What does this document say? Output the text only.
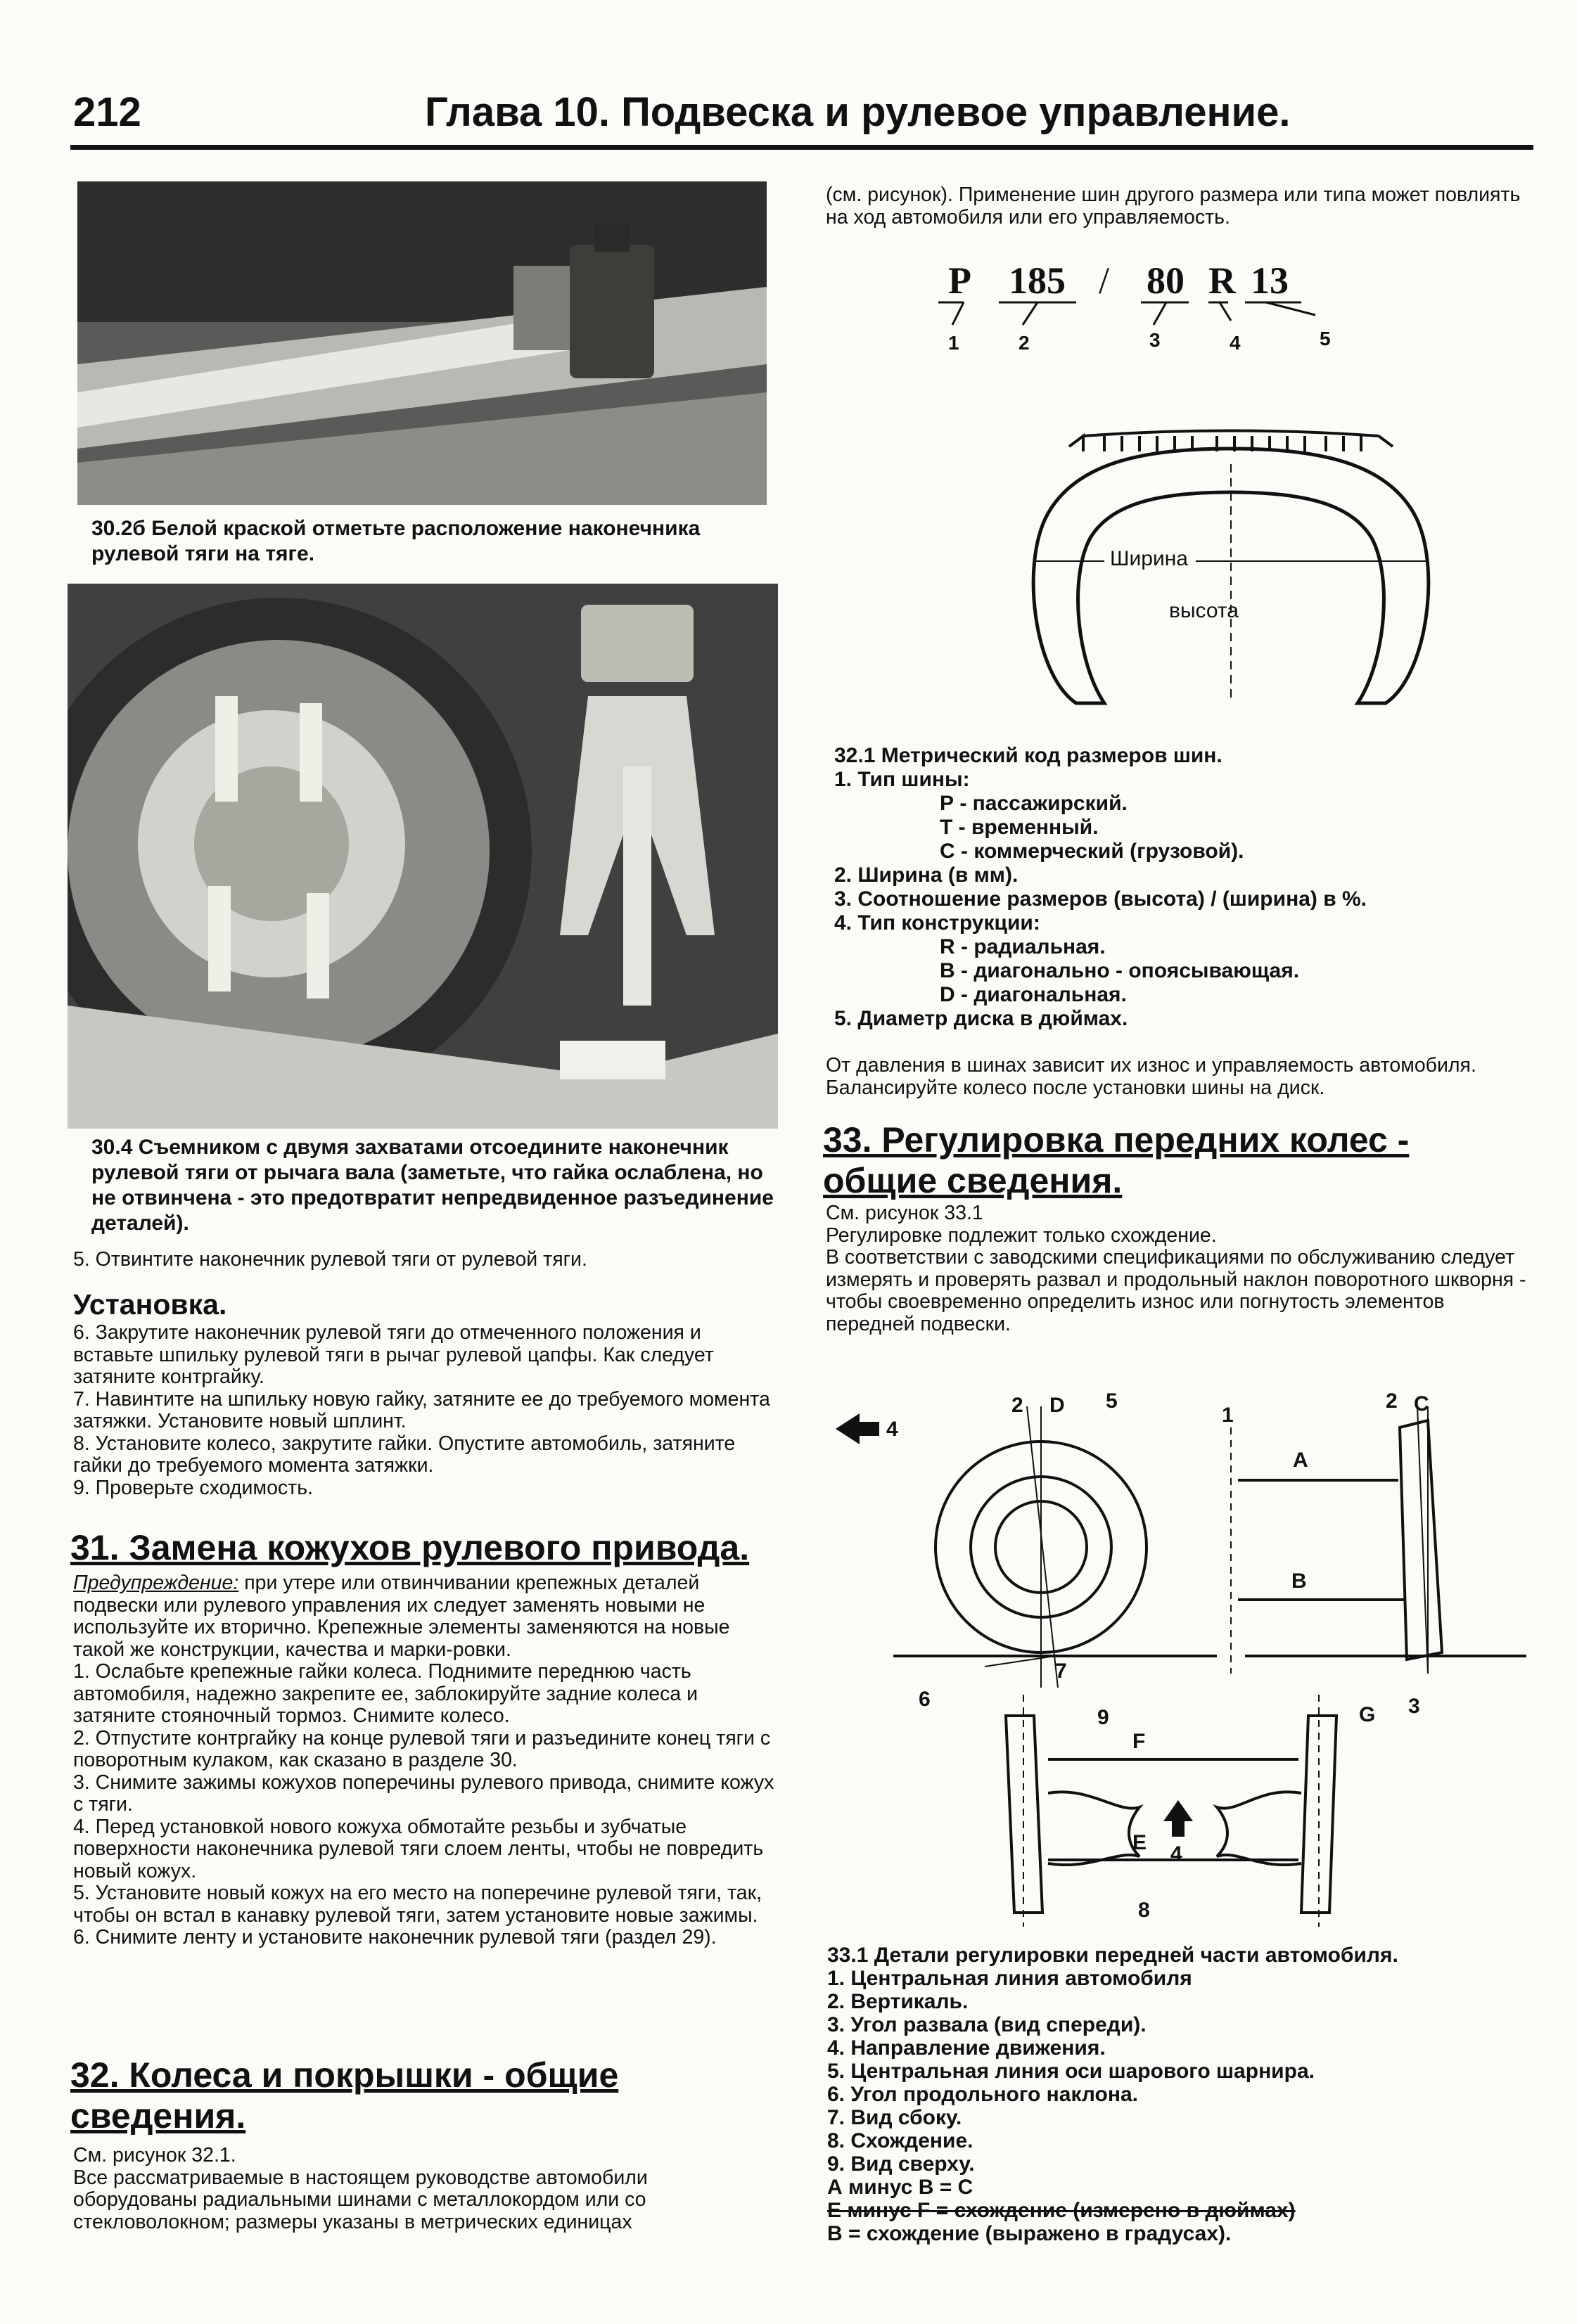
212	Глава 10. Подвеска и рулевое управление.
30.2б Белой краской отметьте расположение наконечника рулевой тяги на тяге.
30.4 Съемником с двумя захватами отсоедините наконечник рулевой тяги от рычага вала (заметьте, что гайка ослаблена, но не отвинчена - это предотвратит непредвиденное разъединение деталей).
5. Отвинтите наконечник рулевой тяги от рулевой тяги.
Установка.

6. Закрутите наконечник рулевой тяги до отмеченного положения и вставьте шпильку рулевой тяги в рычаг рулевой цапфы. Как следует затяните контргайку.

7. Навинтите на шпильку новую гайку, затяните ее до требуемого момента затяжки. Установите новый шплинт.

8. Установите колесо, закрутите гайки. Опустите автомобиль, затяните гайки до требуемого момента затяжки.

9. Проверьте сходимость.

31. Замена кожухов рулевого привода.

Предупреждение: при утере или отвинчивании крепежных деталей подвески или рулевого управления их следует заменять новыми не используйте их вторично. Крепежные элементы заменяются на новые такой же конструкции, качества и марки-ровки.

1. Ослабьте крепежные гайки колеса. Поднимите переднюю часть автомобиля, надежно закрепите ее, заблокируйте задние колеса и затяните стояночный тормоз. Снимите колесо.

2. Отпустите контргайку на конце рулевой тяги и разъедините конец тяги с поворотным кулаком, как сказано в разделе 30.

3. Снимите зажимы кожухов поперечины рулевого привода, снимите кожух с тяги.

4. Перед установкой нового кожуха обмотайте резьбы и зубчатые поверхности наконечника рулевой тяги слоем ленты, чтобы не повредить новый кожух.

5. Установите новый кожух на его место на поперечине рулевой тяги, так, чтобы он встал в канавку рулевой тяги, затем установите новые зажимы.

6. Снимите ленту и установите наконечник рулевой тяги (раздел 29).

32. Колеса и покрышки - общие
сведения.

См. рисунок 32.1.

Все рассматриваемые в настоящем руководстве автомобили оборудованы радиальными шинами с металлокордом или со стекловолокном; размеры указаны в метрических единицах

(см. рисунок). Применение шин другого размера или типа может повлиять на ход автомобиля или его управляемость.
P 185 / 80 R 13
1	2	3	4	5
Ширина
высота

32.1 Метрический код размеров шин.

1. Тип шины:

Р - пассажирский.

Т - временный.

С - коммерческий (грузовой).

2. Ширина (в мм).

3. Соотношение размеров (высота) / (ширина) в %.

4. Тип конструкции:

R - радиальная.

В - диагонально - опоясывающая.

D - диагональная.

5. Диаметр диска в дюймах.

От давления в шинах зависит их износ и управляемость автомобиля. Балансируйте колесо после установки шины на диск.
33. Регулировка передних колес -
общие сведения.

См. рисунок 33.1

Регулировке подлежит только схождение.

В соответствии с заводскими спецификациями по обслуживанию следует измерять и проверять развал и продольный наклон поворотного шкворня - чтобы своевременно определить износ или погнутость элементов передней подвески.

2 D 5
1
2 C
A
B
4
6
7
3
9
F
G
4
E
8

33.1 Детали регулировки передней части автомобиля.

1. Центральная линия автомобиля

2. Вертикаль.

3. Угол развала (вид спереди).

4. Направление движения.

5. Центральная линия оси шарового шарнира.

6. Угол продольного наклона.

7. Вид сбоку.

8. Схождение.

9. Вид сверху.

А минус В = С

Е минус F = схождение (измерено в дюймах)

В = схождение (выражено в градусах).
